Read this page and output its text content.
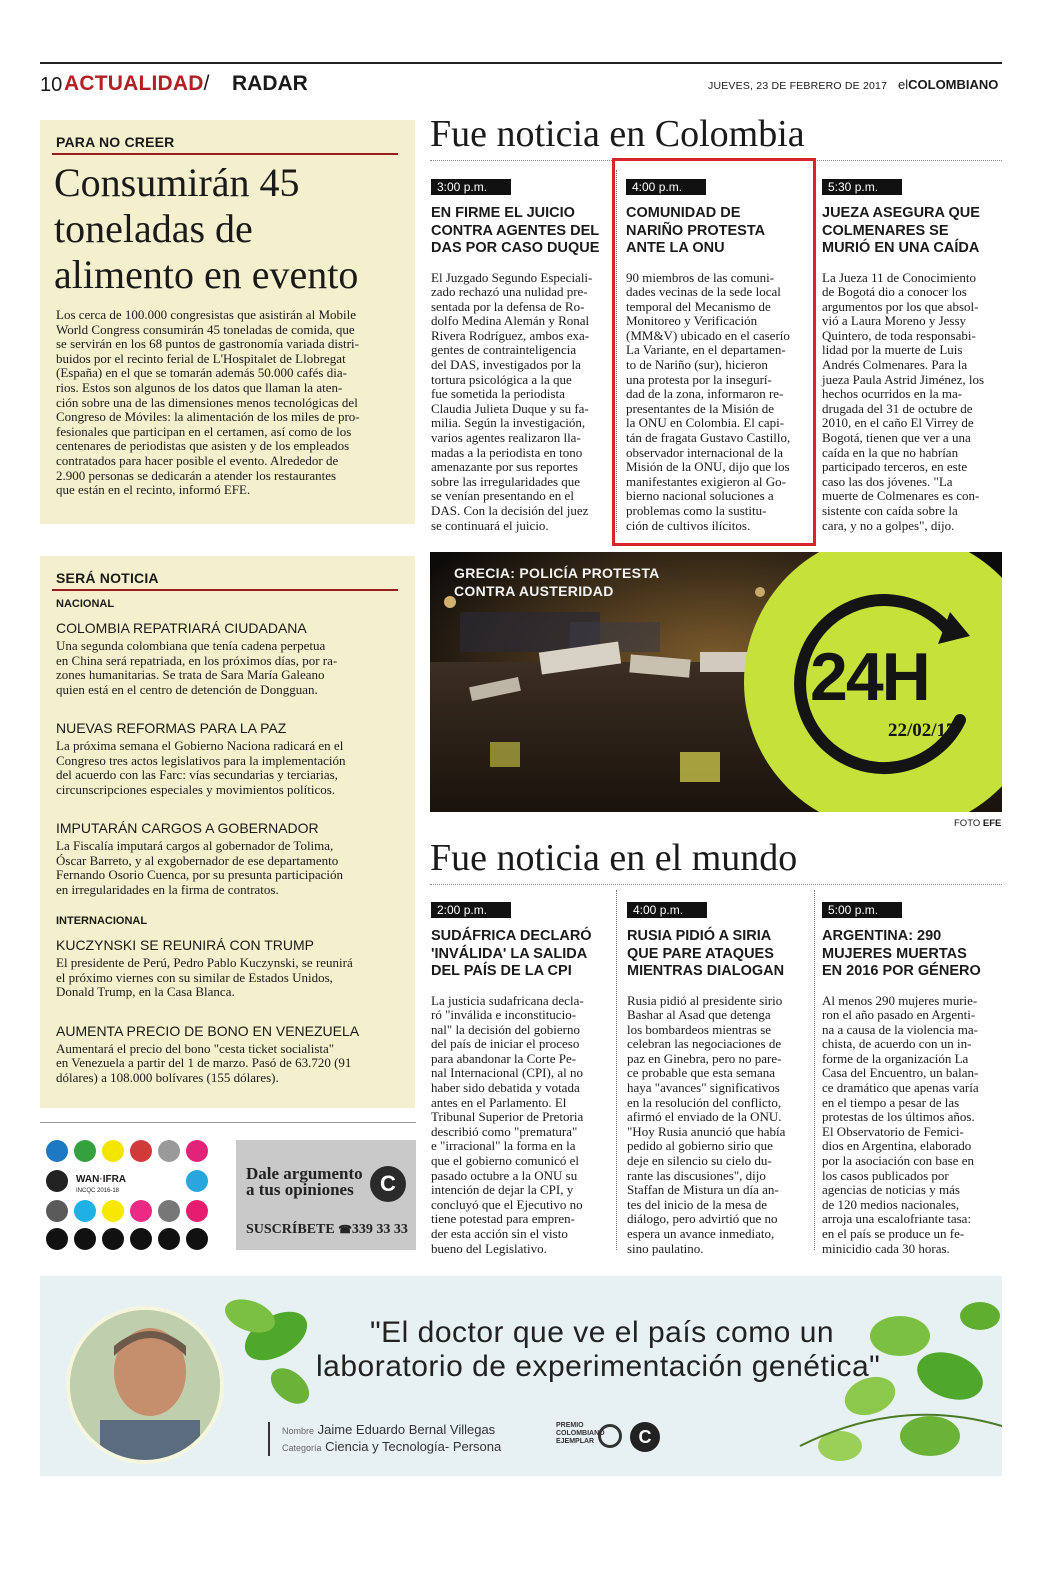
10 ACTUALIDAD/ RADAR	JUEVES, 23 DE FEBRERO DE 2017 elCOLOMBIANO
PARA NO CREER
Consumirán 45
toneladas de
alimento en evento

Los cerca de 100.000 congresistas que asistirán al Mobile

World Congress consumirán 45 toneladas de comida, que

se servirán en los 68 puntos de gastronomía variada distri-

buidos por el recinto ferial de L'Hospitalet de Llobregat

(España) en el que se tomarán además 50.000 cafés dia-

rios. Estos son algunos de los datos que llaman la aten-

ción sobre una de las dimensiones menos tecnológicas del

Congreso de Móviles: la alimentación de los miles de pro-

fesionales que participan en el certamen, así como de los

centenares de periodistas que asisten y de los empleados

contratados para hacer posible el evento. Alrededor de

2.900 personas se dedicarán a atender los restaurantes

que están en el recinto, informó EFE.

Fue noticia en Colombia
3:00 p.m.
EN FIRME EL JUICIO
CONTRA AGENTES DEL
DAS POR CASO DUQUE

El Juzgado Segundo Especiali-

zado rechazó una nulidad pre-

sentada por la defensa de Ro-

dolfo Medina Alemán y Ronal

Rivera Rodríguez, ambos exa-

gentes de contrainteligencia

del DAS, investigados por la

tortura psicológica a la que

fue sometida la periodista

Claudia Julieta Duque y su fa-

milia. Según la investigación,

varios agentes realizaron lla-

madas a la periodista en tono

amenazante por sus reportes

sobre las irregularidades que

se venían presentando en el

DAS. Con la decisión del juez

se continuará el juicio.

4:00 p.m.
COMUNIDAD DE
NARIÑO PROTESTA
ANTE LA ONU

90 miembros de las comuni-

dades vecinas de la sede local

temporal del Mecanismo de

Monitoreo y Verificación

(MM&V) ubicado en el caserío

La Variante, en el departamen-

to de Nariño (sur), hicieron

una protesta por la insegurí-

dad de la zona, informaron re-

presentantes de la Misión de

la ONU en Colombia. El capi-

tán de fragata Gustavo Castillo,

observador internacional de la

Misión de la ONU, dijo que los

manifestantes exigieron al Go-

bierno nacional soluciones a

problemas como la sustitu-

ción de cultivos ilícitos.

5:30 p.m.
JUEZA ASEGURA QUE
COLMENARES SE
MURIÓ EN UNA CAÍDA

La Jueza 11 de Conocimiento

de Bogotá dio a conocer los

argumentos por los que absol-

vió a Laura Moreno y Jessy

Quintero, de toda responsabi-

lidad por la muerte de Luis

Andrés Colmenares. Para la

jueza Paula Astrid Jiménez, los

hechos ocurridos en la ma-

drugada del 31 de octubre de

2010, en el caño El Virrey de

Bogotá, tienen que ver a una

caída en la que no habrían

participado terceros, en este

caso las dos jóvenes. "La

muerte de Colmenares es con-

sistente con caída sobre la

cara, y no a golpes", dijo.

SERÁ NOTICIA
NACIONAL
COLOMBIA REPATRIARÁ CIUDADANA

Una segunda colombiana que tenía cadena perpetua

en China será repatriada, en los próximos días, por ra-

zones humanitarias. Se trata de Sara María Galeano

quien está en el centro de detención de Dongguan.

NUEVAS REFORMAS PARA LA PAZ

La próxima semana el Gobierno Naciona radicará en el

Congreso tres actos legislativos para la implementación

del acuerdo con las Farc: vías secundarias y terciarias,

circunscripciones especiales y movimientos políticos.

IMPUTARÁN CARGOS A GOBERNADOR

La Fiscalía imputará cargos al gobernador de Tolima,

Óscar Barreto, y al exgobernador de ese departamento

Fernando Osorio Cuenca, por su presunta participación

en irregularidades en la firma de contratos.

INTERNACIONAL
KUCZYNSKI SE REUNIRÁ CON TRUMP

El presidente de Perú, Pedro Pablo Kuczynski, se reunirá

el próximo viernes con su similar de Estados Unidos,

Donald Trump, en la Casa Blanca.

AUMENTA PRECIO DE BONO EN VENEZUELA

Aumentará el precio del bono "cesta ticket socialista"

en Venezuela a partir del 1 de marzo. Pasó de 63.720 (91

dólares) a 108.000 bolívares (155 dólares).

GRECIA: POLICÍA PROTESTA
CONTRA AUSTERIDAD
24H
22/02/17
FOTO EFE
Fue noticia en el mundo
2:00 p.m.
SUDÁFRICA DECLARÓ
'INVÁLIDA' LA SALIDA
DEL PAÍS DE LA CPI

La justicia sudafricana decla-

ró "inválida e inconstitucio-

nal" la decisión del gobierno

del país de iniciar el proceso

para abandonar la Corte Pe-

nal Internacional (CPI), al no

haber sido debatida y votada

antes en el Parlamento. El

Tribunal Superior de Pretoria

describió como "prematura"

e "irracional" la forma en la

que el gobierno comunicó el

pasado octubre a la ONU su

intención de dejar la CPI, y

concluyó que el Ejecutivo no

tiene potestad para empren-

der esta acción sin el visto

bueno del Legislativo.

4:00 p.m.
RUSIA PIDIÓ A SIRIA
QUE PARE ATAQUES
MIENTRAS DIALOGAN

Rusia pidió al presidente sirio

Bashar al Asad que detenga

los bombardeos mientras se

celebran las negociaciones de

paz en Ginebra, pero no pare-

ce probable que esta semana

haya "avances" significativos

en la resolución del conflicto,

afirmó el enviado de la ONU.

"Hoy Rusia anunció que había

pedido al gobierno sirio que

deje en silencio su cielo du-

rante las discusiones", dijo

Staffan de Mistura un día an-

tes del inicio de la mesa de

diálogo, pero advirtió que no

espera un avance inmediato,

sino paulatino.

5:00 p.m.
ARGENTINA: 290
MUJERES MUERTAS
EN 2016 POR GÉNERO

Al menos 290 mujeres murie-

ron el año pasado en Argenti-

na a causa de la violencia ma-

chista, de acuerdo con un in-

forme de la organización La

Casa del Encuentro, un balan-

ce dramático que apenas varía

en el tiempo a pesar de las

protestas de los últimos años.

El Observatorio de Femici-

dios en Argentina, elaborado

por la asociación con base en

los casos publicados por

agencias de noticias y más

de 120 medios nacionales,

arroja una escalofriante tasa:

en el país se produce un fe-

minicidio cada 30 horas.

WAN·IFRA
INCQC 2016-18
Dale argumento
a tus opiniones	C
SUSCRÍBETE ☎339 33 33
"El doctor que ve el país como un
laboratorio de experimentación genética"
Nombre Jaime Eduardo Bernal Villegas
Categoría Ciencia y Tecnología- Persona
PREMIO
COLOMBIANO
EJEMPLAR	C
